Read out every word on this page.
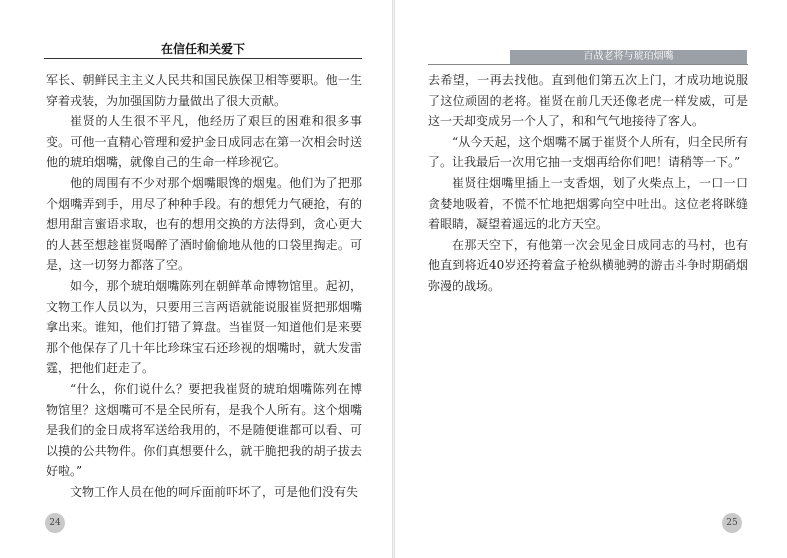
在信任和关爱下
百战老将与琥珀烟嘴

军长、朝鲜民主主义人民共和国民族保卫相等要职。他一生穿着戎装，为加强国防力量做出了很大贡献。

崔贤的人生很不平凡，他经历了艰巨的困难和很多事变。可他一直精心管理和爱护金日成同志在第一次相会时送他的琥珀烟嘴，就像自己的生命一样珍视它。

他的周围有不少对那个烟嘴眼馋的烟鬼。他们为了把那个烟嘴弄到手，用尽了种种手段。有的想凭力气硬抢，有的想用甜言蜜语求取，也有的想用交换的方法得到，贪心更大的人甚至想趁崔贤喝醉了酒时偷偷地从他的口袋里掏走。可是，这一切努力都落了空。

如今，那个琥珀烟嘴陈列在朝鲜革命博物馆里。起初，文物工作人员以为，只要用三言两语就能说服崔贤把那烟嘴拿出来。谁知，他们打错了算盘。当崔贤一知道他们是来要那个他保存了几十年比珍珠宝石还珍视的烟嘴时，就大发雷霆，把他们赶走了。

“什么，你们说什么？要把我崔贤的琥珀烟嘴陈列在博物馆里？这烟嘴可不是全民所有，是我个人所有。这个烟嘴是我们的金日成将军送给我用的，不是随便谁都可以看、可以摸的公共物件。你们真想要什么，就干脆把我的胡子拔去好啦。”

文物工作人员在他的呵斥面前吓坏了，可是他们没有失

去希望，一再去找他。直到他们第五次上门，才成功地说服了这位顽固的老将。崔贤在前几天还像老虎一样发威，可是这一天却变成另一个人了，和和气气地接待了客人。

“从今天起，这个烟嘴不属于崔贤个人所有，归全民所有了。让我最后一次用它抽一支烟再给你们吧！请稍等一下。”

崔贤往烟嘴里插上一支香烟，划了火柴点上，一口一口贪婪地吸着，不慌不忙地把烟雾向空中吐出。这位老将眯缝着眼睛，凝望着遥远的北方天空。

在那天空下，有他第一次会见金日成同志的马村，也有他直到将近40岁还挎着盒子枪纵横驰骋的游击斗争时期硝烟弥漫的战场。

24	25
